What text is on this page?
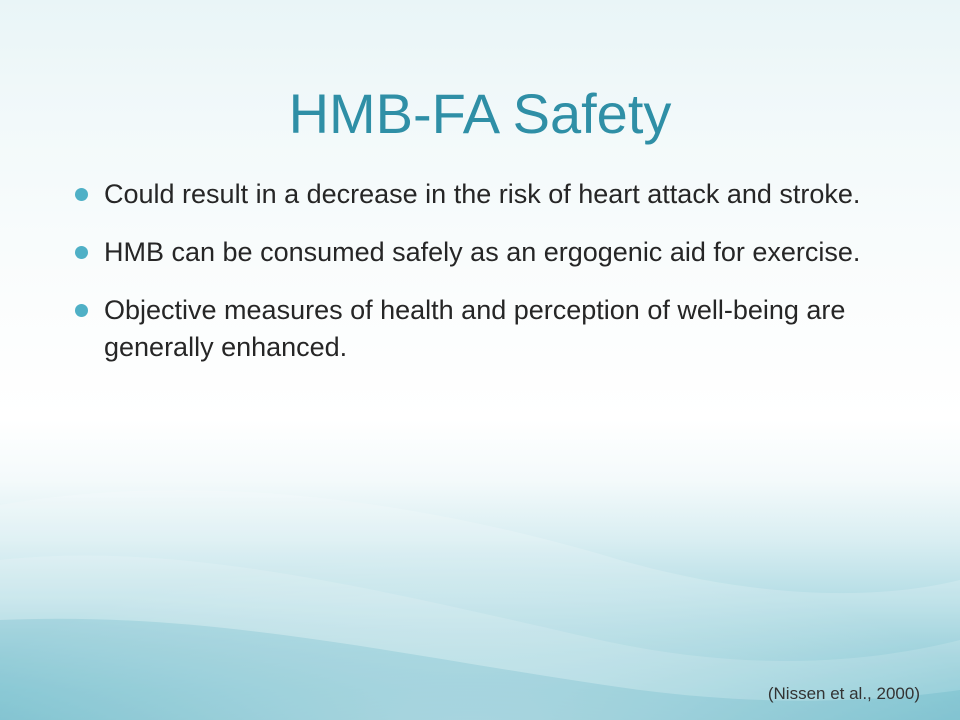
HMB-FA Safety
Could result in a decrease in the risk of heart attack and stroke.
HMB can be consumed safely as an ergogenic aid for exercise.
Objective measures of health and perception of well-being are generally enhanced.
(Nissen et al., 2000)
